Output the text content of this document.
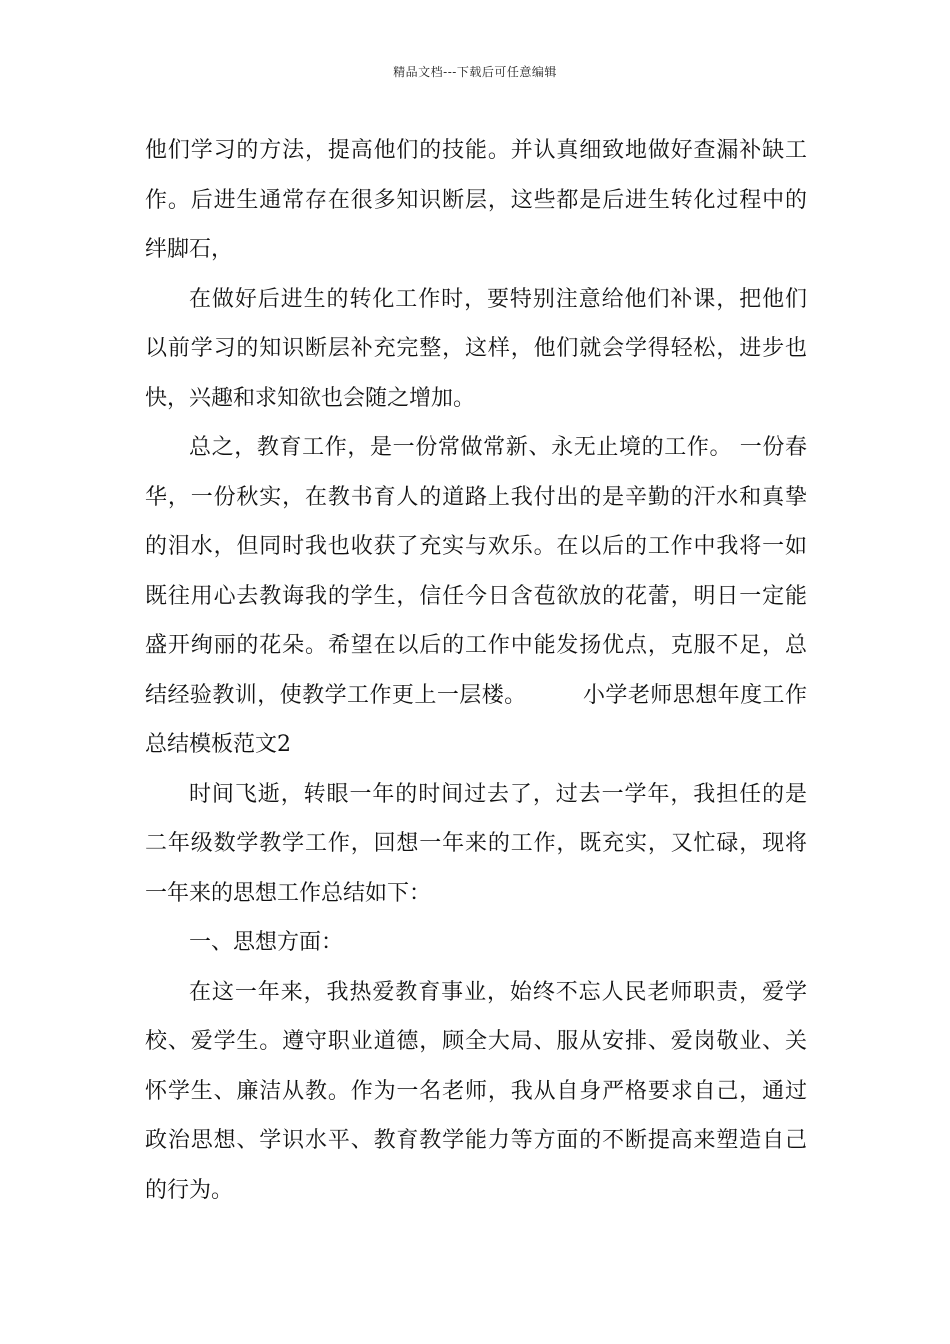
精品文档---下载后可任意编辑
他们学习的方法，提高他们的技能。并认真细致地做好查漏补缺工
作。后进生通常存在很多知识断层，这些都是后进生转化过程中的
绊脚石，
在做好后进生的转化工作时，要特别注意给他们补课，把他们
以前学习的知识断层补充完整，这样，他们就会学得轻松，进步也
快，兴趣和求知欲也会随之增加。
总之，教育工作，是一份常做常新、永无止境的工作。 一份春
华，一份秋实，在教书育人的道路上我付出的是辛勤的汗水和真挚
的泪水，但同时我也收获了充实与欢乐。在以后的工作中我将一如
既往用心去教诲我的学生，信任今日含苞欲放的花蕾，明日一定能
盛开绚丽的花朵。希望在以后的工作中能发扬优点，克服不足，总
结经验教训，使教学工作更上一层楼。　　　小学老师思想年度工作
总结模板范文2
时间飞逝，转眼一年的时间过去了，过去一学年，我担任的是
二年级数学教学工作，回想一年来的工作，既充实，又忙碌，现将
一年来的思想工作总结如下：
一、思想方面：
在这一年来，我热爱教育事业，始终不忘人民老师职责，爱学
校、爱学生。遵守职业道德，顾全大局、服从安排、爱岗敬业、关
怀学生、廉洁从教。作为一名老师，我从自身严格要求自己，通过
政治思想、学识水平、教育教学能力等方面的不断提高来塑造自己
的行为。
